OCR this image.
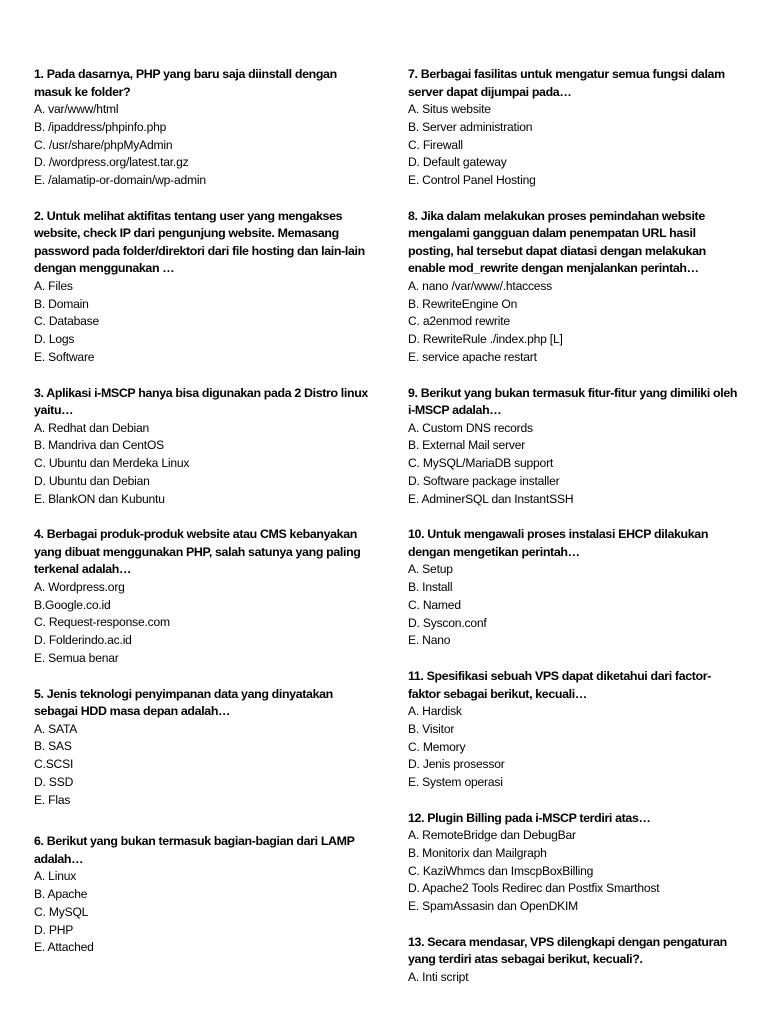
1. Pada dasarnya, PHP yang baru saja diinstall dengan masuk ke folder?

A. var/www/html

B. /ipaddress/phpinfo.php

C. /usr/share/phpMyAdmin

D. /wordpress.org/latest.tar.gz

E. /alamatip-or-domain/wp-admin

2. Untuk melihat aktifitas tentang user yang mengakses website, check IP dari pengunjung website. Memasang password pada folder/direktori dari file hosting dan lain-lain dengan menggunakan …

A. Files

B. Domain

C. Database

D. Logs

E. Software

3. Aplikasi i-MSCP hanya bisa digunakan pada 2 Distro linux yaitu…

A. Redhat dan Debian

B. Mandriva dan CentOS

C. Ubuntu dan Merdeka Linux

D. Ubuntu dan Debian

E. BlankON dan Kubuntu

4. Berbagai produk-produk website atau CMS kebanyakan yang dibuat menggunakan PHP, salah satunya yang paling terkenal adalah…

A. Wordpress.org

B.Google.co.id

C. Request-response.com

D. Folderindo.ac.id

E. Semua benar

5. Jenis teknologi penyimpanan data yang dinyatakan sebagai HDD masa depan adalah…

A. SATA

B. SAS

C.SCSI

D. SSD

E. Flas

6. Berikut yang bukan termasuk bagian-bagian dari LAMP adalah…

A. Linux

B. Apache

C. MySQL

D. PHP

E. Attached

7. Berbagai fasilitas untuk mengatur semua fungsi dalam server dapat dijumpai pada…

A. Situs website

B. Server administration

C. Firewall

D. Default gateway

E. Control Panel Hosting

8. Jika dalam melakukan proses pemindahan website mengalami gangguan dalam penempatan URL hasil posting, hal tersebut dapat diatasi dengan melakukan enable mod_rewrite dengan menjalankan perintah…

A. nano /var/www/.htaccess

B. RewriteEngine On

C. a2enmod rewrite

D. RewriteRule ./index.php [L]

E. service apache restart

9. Berikut yang bukan termasuk fitur-fitur yang dimiliki oleh i-MSCP adalah…

A. Custom DNS records

B. External Mail server

C. MySQL/MariaDB support

D. Software package installer

E. AdminerSQL dan InstantSSH

10. Untuk mengawali proses instalasi EHCP dilakukan dengan mengetikan perintah…

A. Setup

B. Install

C. Named

D. Syscon.conf

E. Nano

11. Spesifikasi sebuah VPS dapat diketahui dari factor-faktor sebagai berikut, kecuali…

A. Hardisk

B. Visitor

C. Memory

D. Jenis prosessor

E. System operasi

12. Plugin Billing pada i-MSCP terdiri atas…

A. RemoteBridge dan DebugBar

B. Monitorix dan Mailgraph

C. KaziWhmcs dan ImscpBoxBilling

D. Apache2 Tools Redirec dan Postfix Smarthost

E. SpamAssasin dan OpenDKIM

13. Secara mendasar, VPS dilengkapi dengan pengaturan yang terdiri atas sebagai berikut, kecuali?.

A. Inti script
